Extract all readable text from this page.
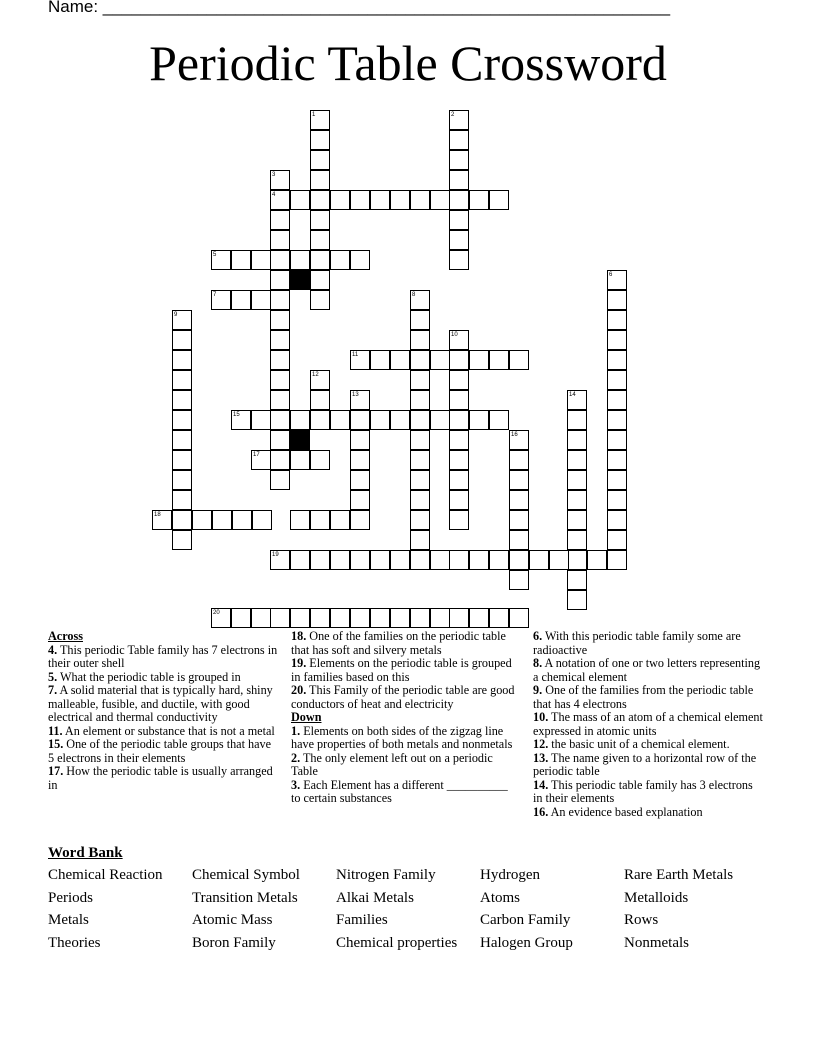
Name: ____________________________________________________________
Periodic Table Crossword
1	2
3
4
5
7
6
8
9
10
11
12
13	14
15
16
17
18
19
20
Across
4. This periodic Table family has 7 electrons in their outer shell
5. What the periodic table is grouped in
7. A solid material that is typically hard, shiny malleable, fusible, and ductile, with good electrical and thermal conductivity
11. An element or substance that is not a metal
15. One of the periodic table groups that have 5 electrons in their elements
17. How the periodic table is usually arranged in
18. One of the families on the periodic table that has soft and silvery metals
19. Elements on the periodic table is grouped in families based on this
20. This Family of the periodic table are good conductors of heat and electricity
Down
1. Elements on both sides of the zigzag line have properties of both metals and nonmetals
2. The only element left out on a periodic Table
3. Each Element has a different __________ to certain substances
6. With this periodic table family some are radioactive
8. A notation of one or two letters representing a chemical element
9. One of the families from the periodic table that has 4 electrons
10. The mass of an atom of a chemical element expressed in atomic units
12. the basic unit of a chemical element.
13. The name given to a horizontal row of the periodic table
14. This periodic table family has 3 electrons in their elements
16. An evidence based explanation
Word Bank
Chemical Reaction
Periods
Metals
Theories
Chemical Symbol
Transition Metals
Atomic Mass
Boron Family
Nitrogen Family
Alkai Metals
Families
Chemical properties
Hydrogen
Atoms
Carbon Family
Halogen Group
Rare Earth Metals
Metalloids
Rows
Nonmetals
